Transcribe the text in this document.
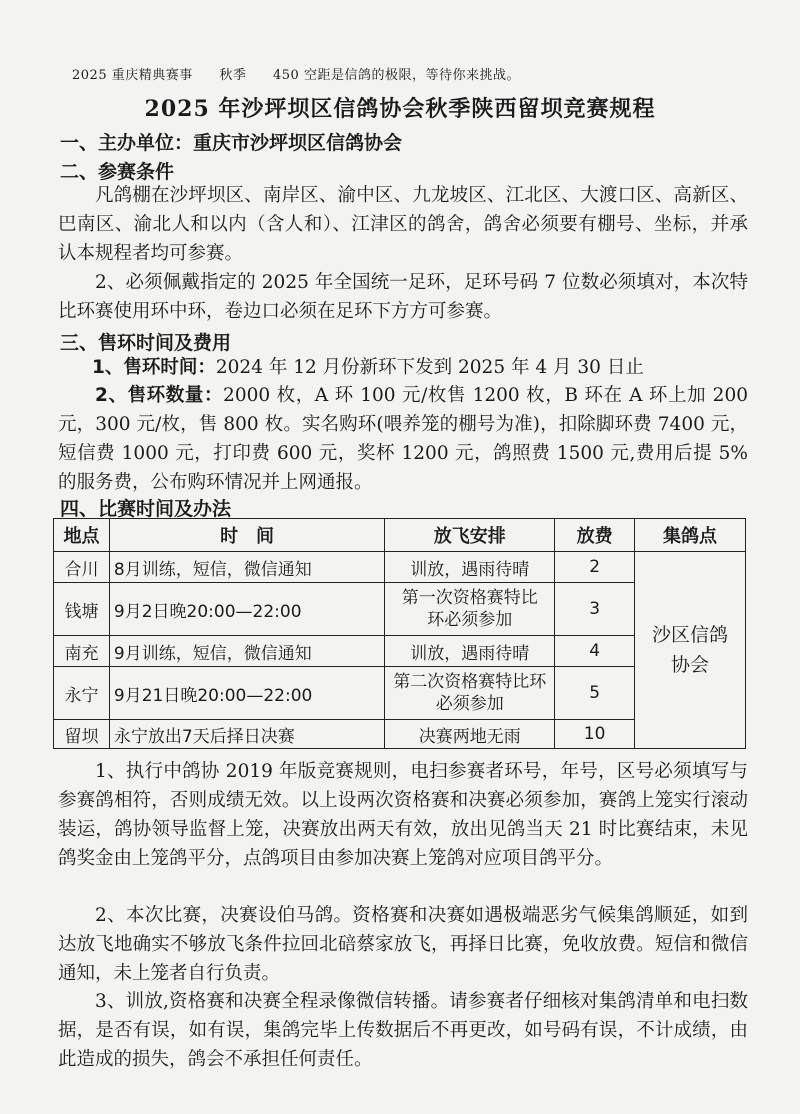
2025 重庆精典赛事 秋季 450 空距是信鸽的极限，等待你来挑战。
2025 年沙坪坝区信鸽协会秋季陕西留坝竞赛规程
一、主办单位：重庆市沙坪坝区信鸽协会
二、参赛条件
凡鸽棚在沙坪坝区、南岸区、渝中区、九龙坡区、江北区、大渡口区、高新区、巴南区、渝北人和以内（含人和）、江津区的鸽舍，鸽舍必须要有棚号、坐标，并承认本规程者均可参赛。
2、必须佩戴指定的 2025 年全国统一足环，足环号码 7 位数必须填对，本次特比环赛使用环中环，卷边口必须在足环下方方可参赛。
三、售环时间及费用
1、售环时间：2024 年 12 月份新环下发到 2025 年 4 月 30 日止
2、售环数量：2000 枚，A 环 100 元/枚售 1200 枚，B 环在 A 环上加 200 元，300 元/枚，售 800 枚。实名购环(喂养笼的棚号为准)，扣除脚环费 7400 元，短信费 1000 元，打印费 600 元，奖杯 1200 元，鸽照费 1500 元,费用后提 5%的服务费，公布购环情况并上网通报。
四、比赛时间及办法
地点	时　间	放飞安排	放费	集鸽点
合川	8月训练，短信，微信通知	训放，遇雨待晴	2	沙区信鸽协会

钱塘	9月2日晚20:00—22:00	第一次资格赛特比环必须参加	3	
南充	9月训练，短信，微信通知	训放，遇雨待晴	4	
永宁	9月21日晚20:00—22:00	第二次资格赛特比环必须参加	5	
留坝	永宁放出7天后择日决赛	决赛两地无雨	10	
1、执行中鸽协 2019 年版竞赛规则，电扫参赛者环号，年号，区号必须填写与参赛鸽相符，否则成绩无效。以上设两次资格赛和决赛必须参加，赛鸽上笼实行滚动装运，鸽协领导监督上笼，决赛放出两天有效，放出见鸽当天 21 时比赛结束，未见鸽奖金由上笼鸽平分，点鸽项目由参加决赛上笼鸽对应项目鸽平分。
2、本次比赛，决赛设伯马鸽。资格赛和决赛如遇极端恶劣气候集鸽顺延，如到达放飞地确实不够放飞条件拉回北碚蔡家放飞，再择日比赛，免收放费。短信和微信通知，未上笼者自行负责。
3、训放,资格赛和决赛全程录像微信转播。请参赛者仔细核对集鸽清单和电扫数据，是否有误，如有误，集鸽完毕上传数据后不再更改，如号码有误，不计成绩，由此造成的损失，鸽会不承担任何责任。
